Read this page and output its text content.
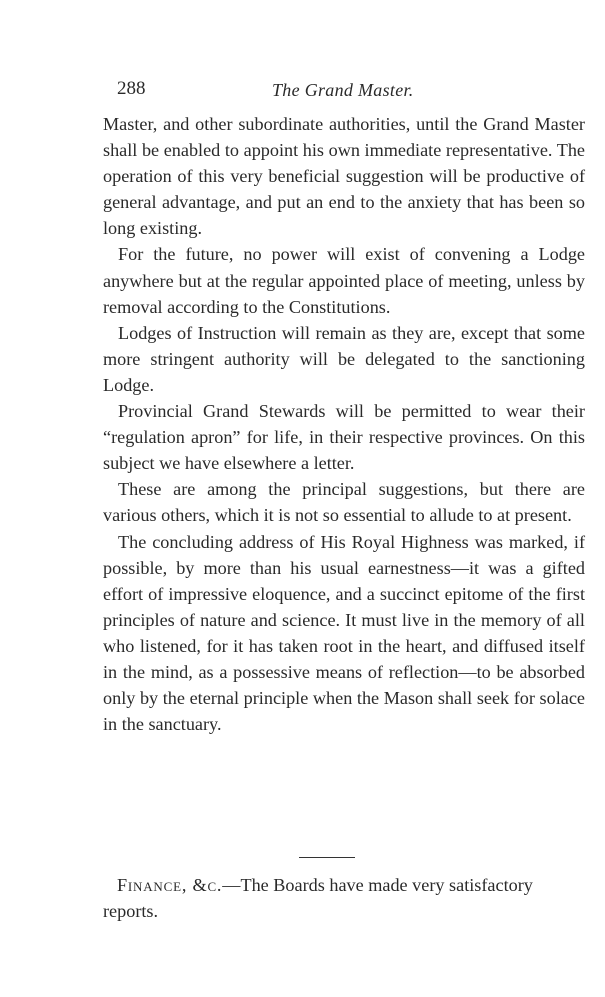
288	The Grand Master.

Master, and other subordinate authorities, until the Grand Master shall be enabled to appoint his own immediate representative. The operation of this very beneficial suggestion will be productive of general advantage, and put an end to the anxiety that has been so long existing.

For the future, no power will exist of convening a Lodge anywhere but at the regular appointed place of meeting, unless by removal according to the Constitutions.

Lodges of Instruction will remain as they are, except that some more stringent authority will be delegated to the sanctioning Lodge.

Provincial Grand Stewards will be permitted to wear their “regulation apron” for life, in their respective provinces. On this subject we have elsewhere a letter.

These are among the principal suggestions, but there are various others, which it is not so essential to allude to at present.

The concluding address of His Royal Highness was marked, if possible, by more than his usual earnestness—it was a gifted effort of impressive eloquence, and a succinct epitome of the first principles of nature and science. It must live in the memory of all who listened, for it has taken root in the heart, and diffused itself in the mind, as a possessive means of reflection—to be absorbed only by the eternal principle when the Mason shall seek for solace in the sanctuary.

Finance, &c.—The Boards have made very satisfactory reports.
